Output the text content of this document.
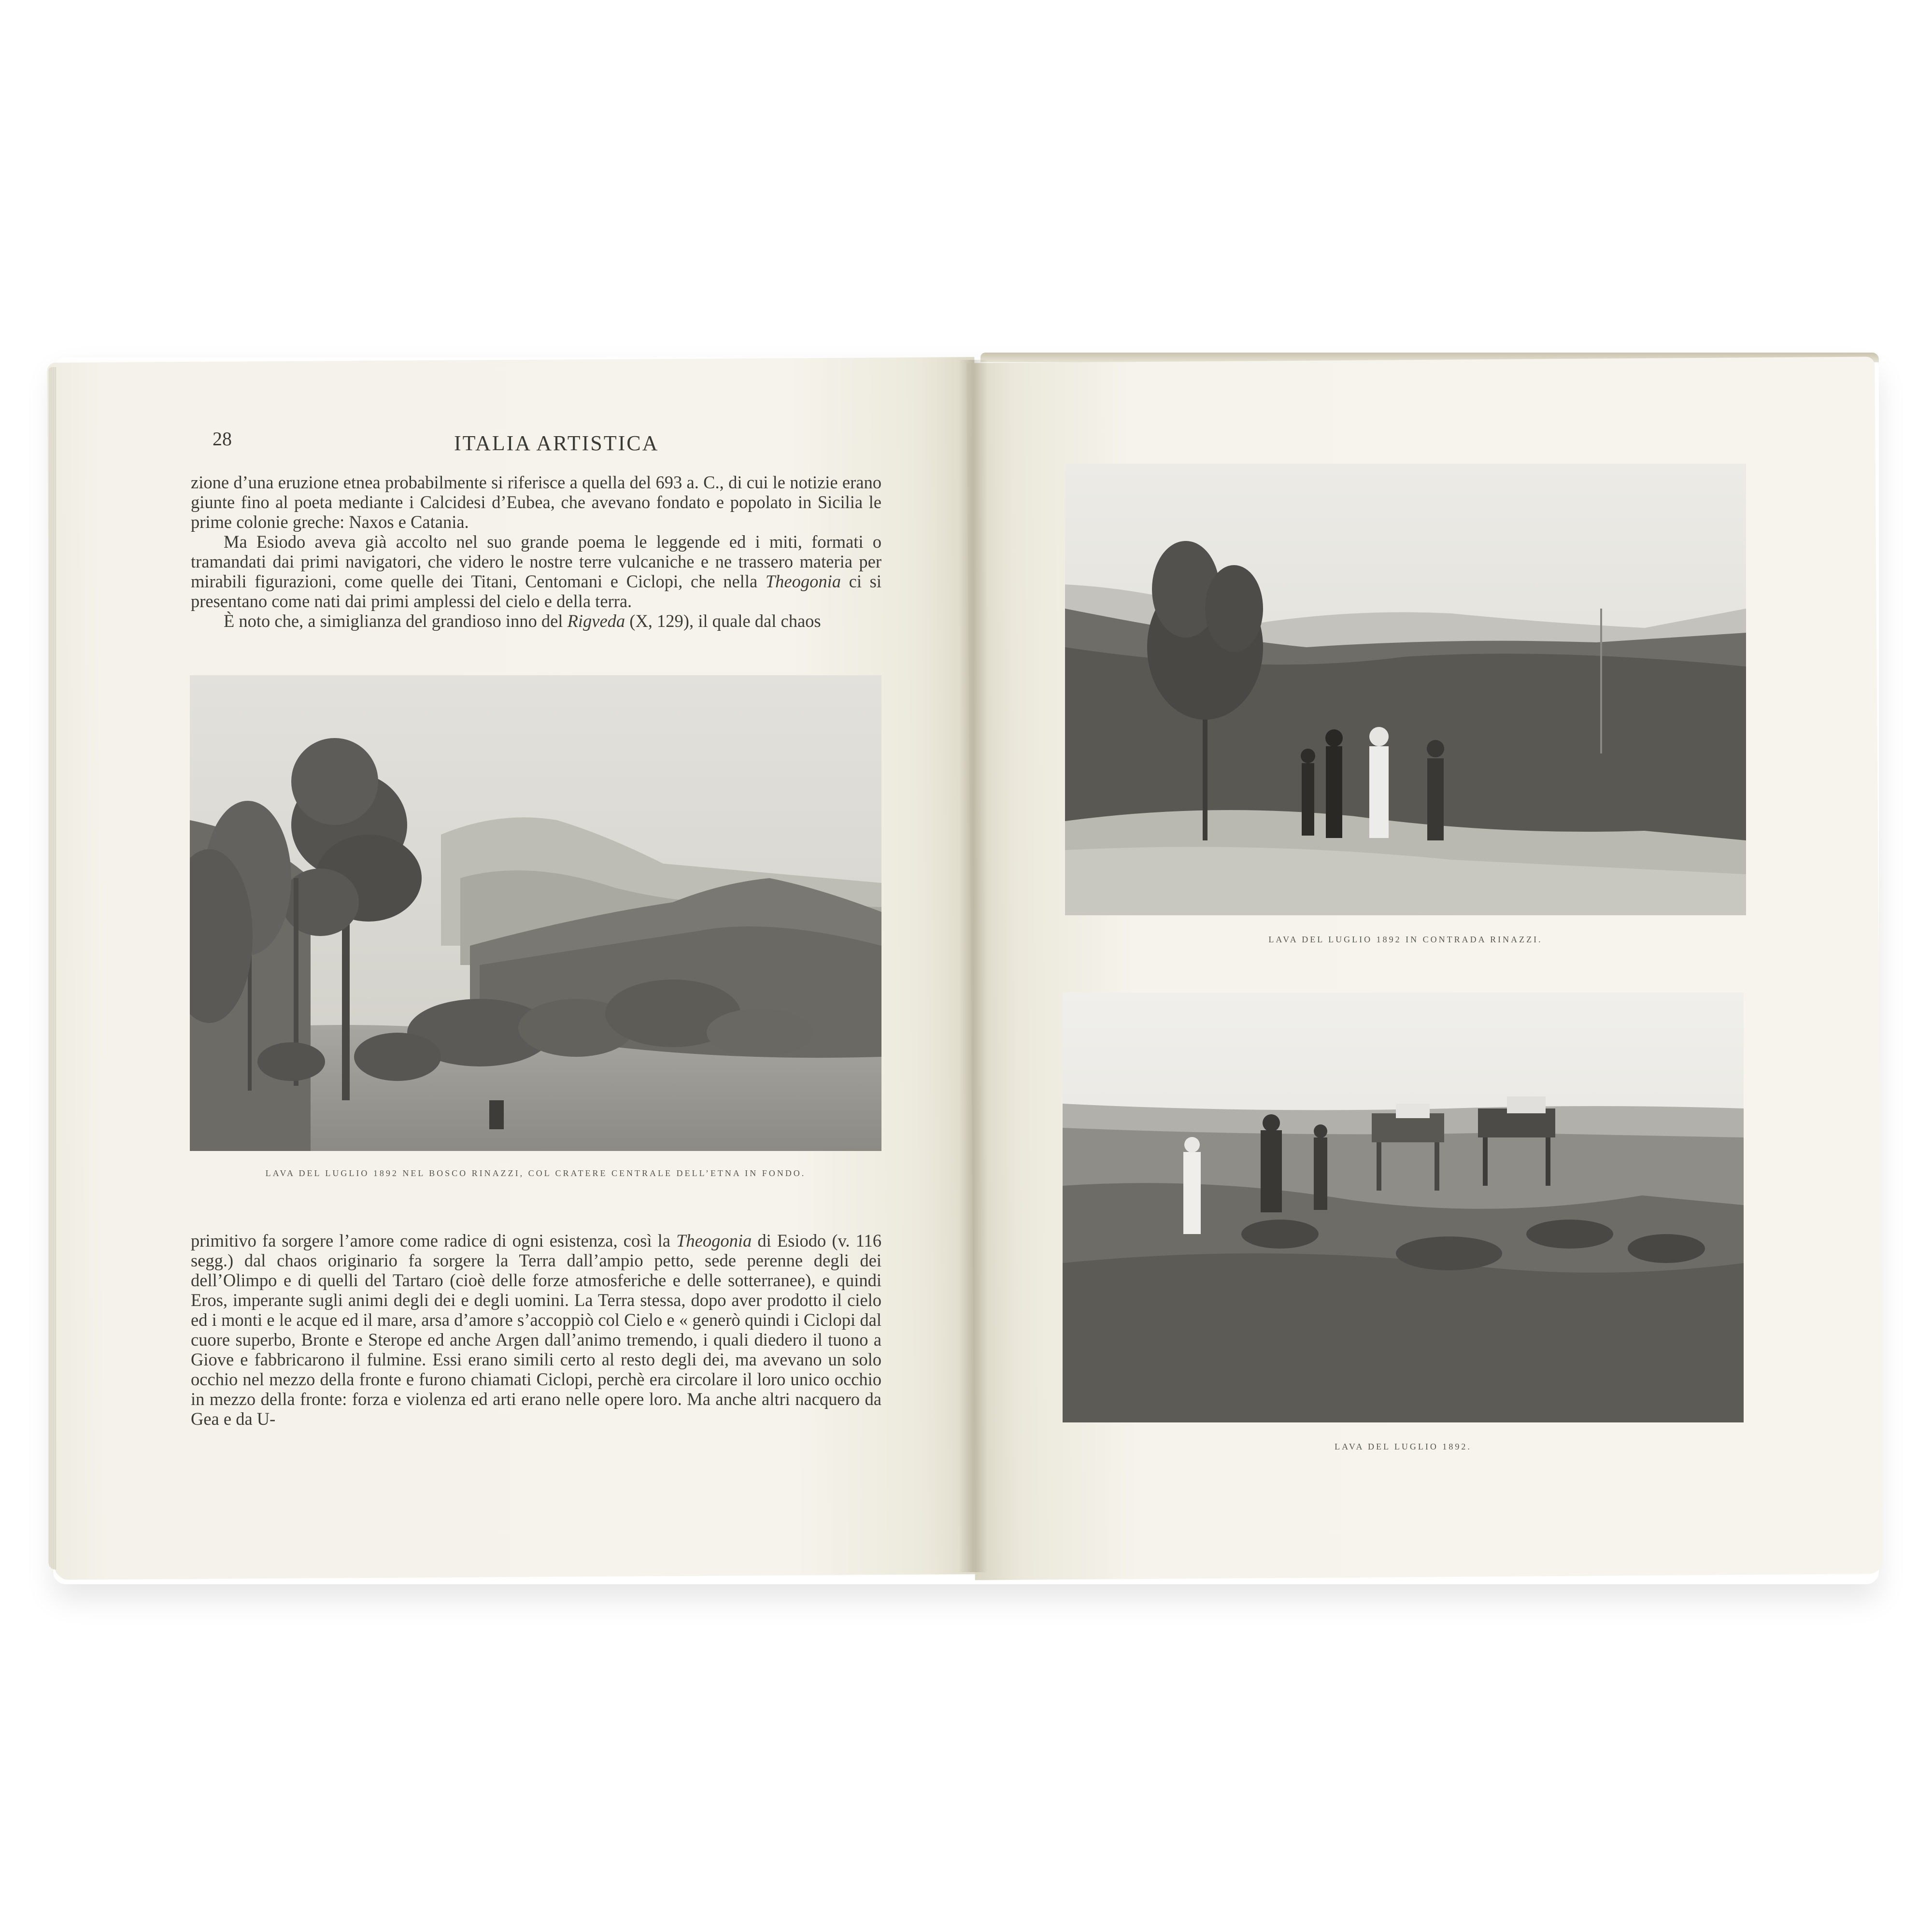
28	ITALIA ARTISTICA

zione d’una eruzione etnea probabilmente si riferisce a quella del 693 a. C., di cui le notizie erano giunte fino al poeta mediante i Calcidesi d’Eubea, che avevano fondato e popolato in Sicilia le prime colonie greche: Naxos e Catania.

Ma Esiodo aveva già accolto nel suo grande poema le leggende ed i miti, formati o tramandati dai primi navigatori, che videro le nostre terre vulcaniche e ne trassero materia per mirabili figurazioni, come quelle dei Titani, Centomani e Ciclopi, che nella Theogonia ci si presentano come nati dai primi amplessi del cielo e della terra.

È noto che, a simiglianza del grandioso inno del Rigveda (X, 129), il quale dal chaos

LAVA DEL LUGLIO 1892 NEL BOSCO RINAZZI, COL CRATERE CENTRALE DELL’ETNA IN FONDO.

primitivo fa sorgere l’amore come radice di ogni esistenza, così la Theogonia di Esiodo (v. 116 segg.) dal chaos originario fa sorgere la Terra dall’ampio petto, sede perenne degli dei dell’Olimpo e di quelli del Tartaro (cioè delle forze atmosferiche e delle sotterranee), e quindi Eros, imperante sugli animi degli dei e degli uomini. La Terra stessa, dopo aver prodotto il cielo ed i monti e le acque ed il mare, arsa d’amore s’accoppiò col Cielo e « generò quindi i Ciclopi dal cuore superbo, Bronte e Sterope ed anche Argen dall’animo tremendo, i quali diedero il tuono a Giove e fabbricarono il fulmine. Essi erano simili certo al resto degli dei, ma avevano un solo occhio nel mezzo della fronte e furono chiamati Ciclopi, perchè era circolare il loro unico occhio in mezzo della fronte: forza e violenza ed arti erano nelle opere loro. Ma anche altri nacquero da Gea e da U-

LAVA DEL LUGLIO 1892 IN CONTRADA RINAZZI.
LAVA DEL LUGLIO 1892.
